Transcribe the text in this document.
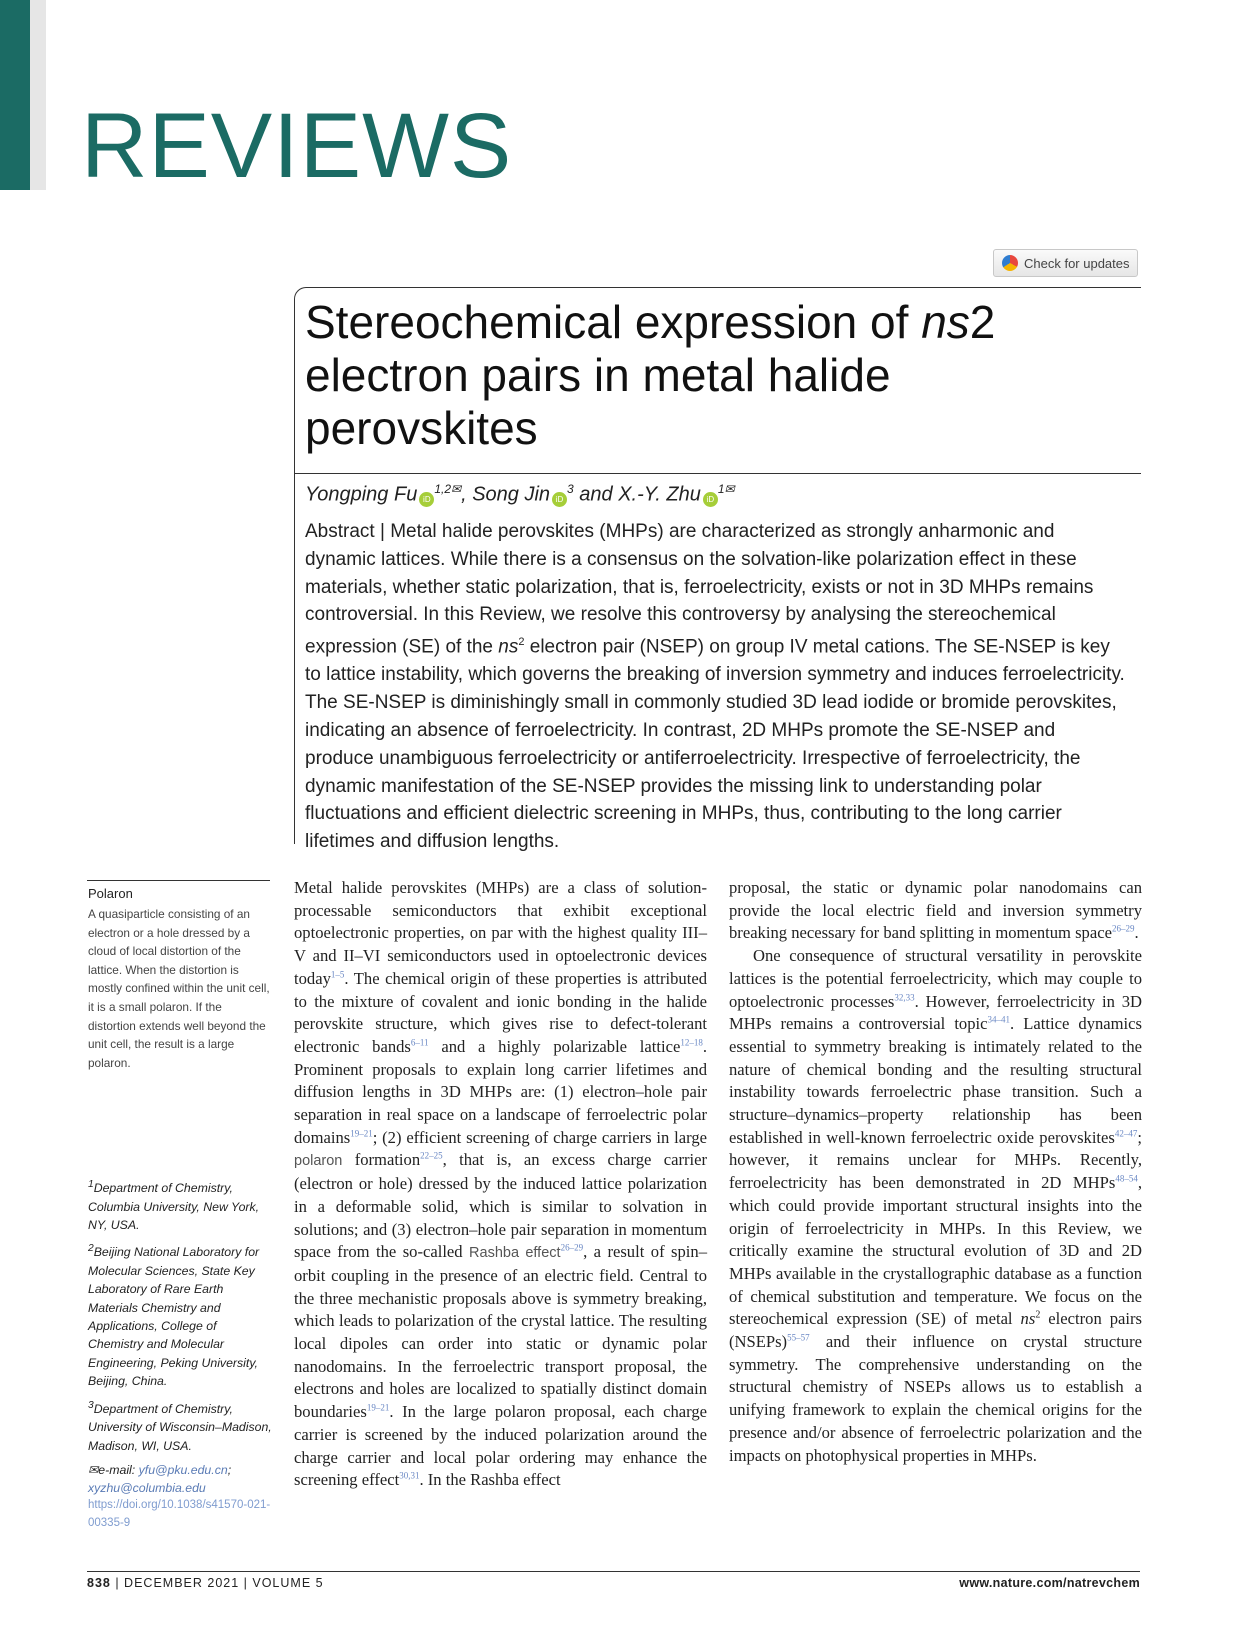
REVIEWS
Check for updates
Stereochemical expression of ns2
electron pairs in metal halide
perovskites
Yongping Fu $iD^{1,2✉}$, Song Jin $iD^3$ and X.-Y. Zhu $iD^{1✉}$

Abstract | Metal halide perovskites (MHPs) are characterized as strongly anharmonic and dynamic lattices. While there is a consensus on the solvation-like polarization effect in these materials, whether static polarization, that is, ferroelectricity, exists or not in 3D MHPs remains controversial. In this Review, we resolve this controversy by analysing the stereochemical expression (SE) of the $ns^2$ electron pair (NSEP) on group IV metal cations. The SE-NSEP is key to lattice instability, which governs the breaking of inversion symmetry and induces ferroelectricity. The SE-NSEP is diminishingly small in commonly studied 3D lead iodide or bromide perovskites, indicating an absence of ferroelectricity. In contrast, 2D MHPs promote the SE-NSEP and produce unambiguous ferroelectricity or antiferroelectricity. Irrespective of ferroelectricity, the dynamic manifestation of the SE-NSEP provides the missing link to understanding polar fluctuations and efficient dielectric screening in MHPs, thus, contributing to the long carrier lifetimes and diffusion lengths.

Polaron
A quasiparticle consisting of an electron or a hole dressed by a cloud of local distortion of the lattice. When the distortion is mostly confined within the unit cell, it is a small polaron. If the distortion extends well beyond the unit cell, the result is a large polaron.

$^1$Department of Chemistry, Columbia University, New York, NY, USA.

$^2$Beijing National Laboratory for Molecular Sciences, State Key Laboratory of Rare Earth Materials Chemistry and Applications, College of Chemistry and Molecular Engineering, Peking University, Beijing, China.

$^3$Department of Chemistry, University of Wisconsin–Madison, Madison, WI, USA.

✉e-mail: yfu@pku.edu.cn;
xyzhu@columbia.edu

https://doi.org/10.1038/s41570-021-00335-9

Metal halide perovskites (MHPs) are a class of solution-processable semiconductors that exhibit exceptional optoelectronic properties, on par with the highest quality III–V and II–VI semiconductors used in optoelectronic devices today$^{1-5}$. The chemical origin of these properties is attributed to the mixture of covalent and ionic bonding in the halide perovskite structure, which gives rise to defect-tolerant electronic bands$^{6-11}$ and a highly polarizable lattice$^{12-18}$. Prominent proposals to explain long carrier lifetimes and diffusion lengths in 3D MHPs are: (1) electron–hole pair separation in real space on a landscape of ferroelectric polar domains$^{19-21}$; (2) efficient screening of charge carriers in large polaron formation$^{22-25}$, that is, an excess charge carrier (electron or hole) dressed by the induced lattice polarization in a deformable solid, which is similar to solvation in solutions; and (3) electron–hole pair separation in momentum space from the so-called Rashba effect$^{26-29}$, a result of spin–orbit coupling in the presence of an electric field. Central to the three mechanistic proposals above is symmetry breaking, which leads to polarization of the crystal lattice. The resulting local dipoles can order into static or dynamic polar nanodomains. In the ferroelectric transport proposal, the electrons and holes are localized to spatially distinct domain boundaries$^{19-21}$. In the large polaron proposal, each charge carrier is screened by the induced polarization around the charge carrier and local polar ordering may enhance the screening effect$^{30,31}$. In the Rashba effect

proposal, the static or dynamic polar nanodomains can provide the local electric field and inversion symmetry breaking necessary for band splitting in momentum space$^{26-29}$.
One consequence of structural versatility in perovskite lattices is the potential ferroelectricity, which may couple to optoelectronic processes$^{32,33}$. However, ferroelectricity in 3D MHPs remains a controversial topic$^{34-41}$. Lattice dynamics essential to symmetry breaking is intimately related to the nature of chemical bonding and the resulting structural instability towards ferroelectric phase transition. Such a structure–dynamics–property relationship has been established in well-known ferroelectric oxide perovskites$^{42-47}$; however, it remains unclear for MHPs. Recently, ferroelectricity has been demonstrated in 2D MHPs$^{48-54}$, which could provide important structural insights into the origin of ferroelectricity in MHPs. In this Review, we critically examine the structural evolution of 3D and 2D MHPs available in the crystallographic database as a function of chemical substitution and temperature. We focus on the stereochemical expression (SE) of metal $ns^2$ electron pairs (NSEPs)$^{55-57}$ and their influence on crystal structure symmetry. The comprehensive understanding on the structural chemistry of NSEPs allows us to establish a unifying framework to explain the chemical origins for the presence and/or absence of ferroelectric polarization and the impacts on photophysical properties in MHPs.
838 | DECEMBER 2021 | VOLUME 5	www.nature.com/natrevchem
